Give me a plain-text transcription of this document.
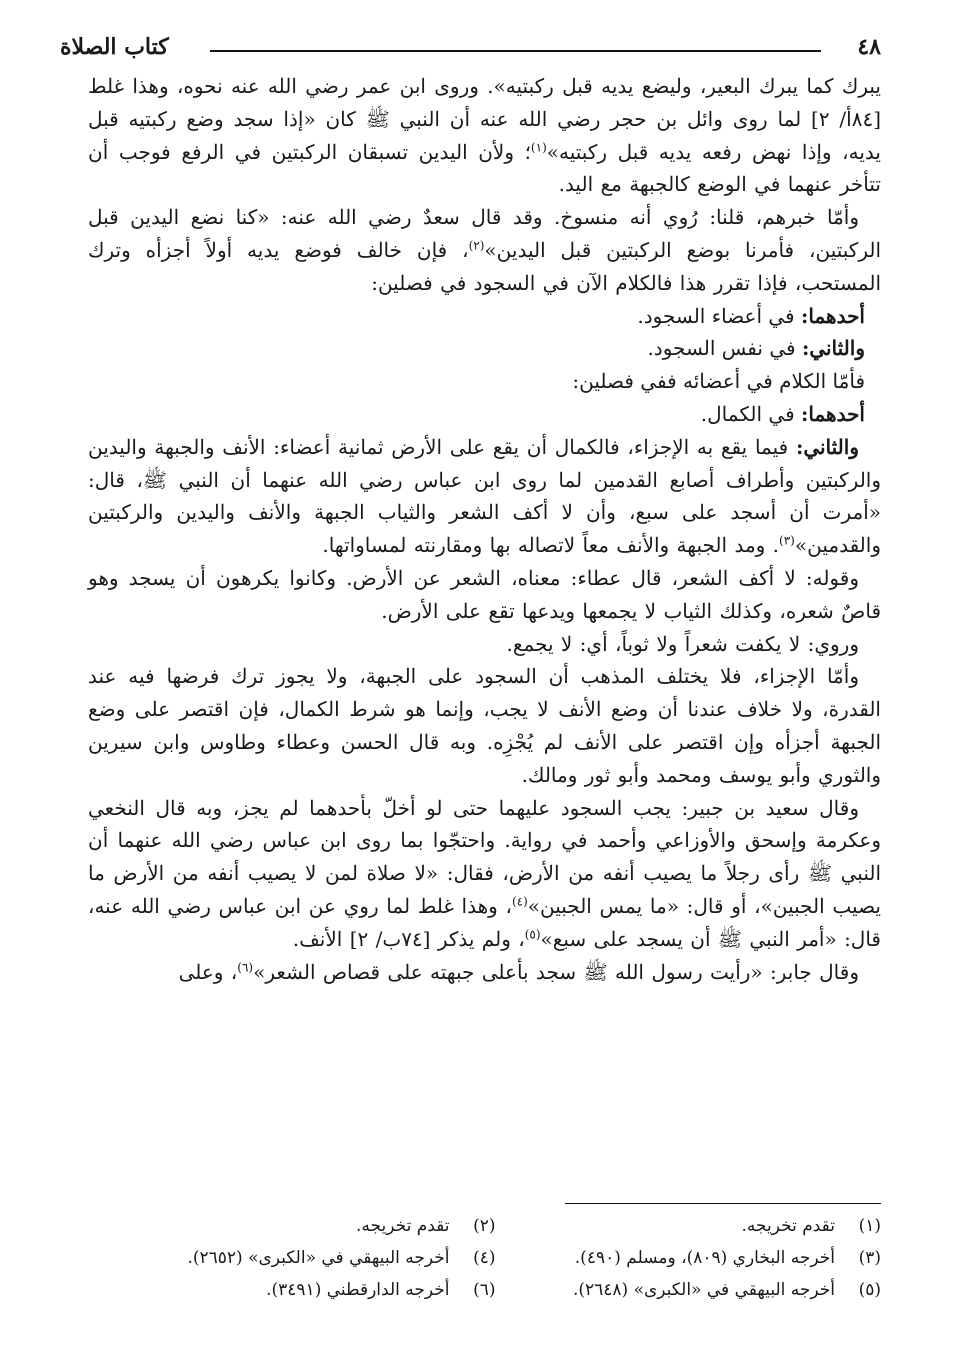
٤٨
كتاب الصلاة

يبرك كما يبرك البعير، وليضع يديه قبل ركبتيه». وروى ابن عمر رضي الله عنه نحوه، وهذا غلط [٨٤أ/ ٢] لما روى وائل بن حجر رضي الله عنه أن النبي ﷺ كان «إذا سجد وضع ركبتيه قبل يديه، وإذا نهض رفعه يديه قبل ركبتيه»$^{(١)}$؛ ولأن اليدين تسبقان الركبتين في الرفع فوجب أن تتأخر عنهما في الوضع كالجبهة مع اليد.

وأمّا خبرهم، قلنا: رُوي أنه منسوخ. وقد قال سعدٌ رضي الله عنه: «كنا نضع اليدين قبل الركبتين، فأمرنا بوضع الركبتين قبل اليدين»$^{(٢)}$، فإن خالف فوضع يديه أولاً أجزأه وترك المستحب، فإذا تقرر هذا فالكلام الآن في السجود في فصلين:

أحدهما: في أعضاء السجود.
والثاني: في نفس السجود.
فأمّا الكلام في أعضائه ففي فصلين:
أحدهما: في الكمال.

والثاني: فيما يقع به الإجزاء، فالكمال أن يقع على الأرض ثمانية أعضاء: الأنف والجبهة واليدين والركبتين وأطراف أصابع القدمين لما روى ابن عباس رضي الله عنهما أن النبي ﷺ، قال: «أمرت أن أسجد على سبع، وأن لا أكف الشعر والثياب الجبهة والأنف واليدين والركبتين والقدمين»$^{(٣)}$. ومد الجبهة والأنف معاً لاتصاله بها ومقارنته لمساواتها.

وقوله: لا أكف الشعر، قال عطاء: معناه، الشعر عن الأرض. وكانوا يكرهون أن يسجد وهو قاصٌ شعره، وكذلك الثياب لا يجمعها ويدعها تقع على الأرض.

وروي: لا يكفت شعراً ولا ثوباً، أي: لا يجمع.

وأمّا الإجزاء، فلا يختلف المذهب أن السجود على الجبهة، ولا يجوز ترك فرضها فيه عند القدرة، ولا خلاف عندنا أن وضع الأنف لا يجب، وإنما هو شرط الكمال، فإن اقتصر على وضع الجبهة أجزأه وإن اقتصر على الأنف لم يُجْزِه. وبه قال الحسن وعطاء وطاوس وابن سيرين والثوري وأبو يوسف ومحمد وأبو ثور ومالك.

وقال سعيد بن جبير: يجب السجود عليهما حتى لو أخلّ بأحدهما لم يجز، وبه قال النخعي وعكرمة وإسحق والأوزاعي وأحمد في رواية. واحتجّوا بما روى ابن عباس رضي الله عنهما أن النبي ﷺ رأى رجلاً ما يصيب أنفه من الأرض، فقال: «لا صلاة لمن لا يصيب أنفه من الأرض ما يصيب الجبين»، أو قال: «ما يمس الجبين»$^{(٤)}$، وهذا غلط لما روي عن ابن عباس رضي الله عنه، قال: «أمر النبي ﷺ أن يسجد على سبع»$^{(٥)}$، ولم يذكر [٧٤ب/ ٢] الأنف.

وقال جابر: «رأيت رسول الله ﷺ سجد بأعلى جبهته على قصاص الشعر»$^{(٦)}$، وعلى

(١)
تقدم تخريجه.
(٢)
تقدم تخريجه.
(٣)
أخرجه البخاري (٨٠٩)، ومسلم (٤٩٠).
(٤)
أخرجه البيهقي في «الكبرى» (٢٦٥٢).
(٥)
أخرجه البيهقي في «الكبرى» (٢٦٤٨).
(٦)
أخرجه الدارقطني (٣٤٩١).
